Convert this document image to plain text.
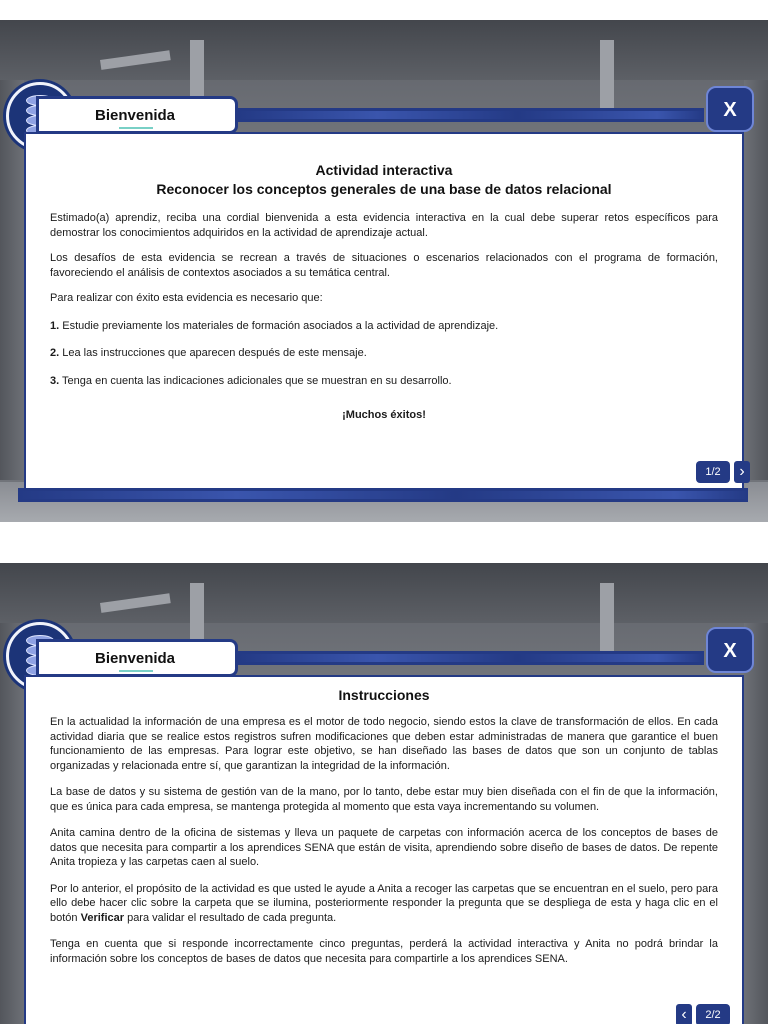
Bienvenida	X
Actividad interactiva
Reconocer los conceptos generales de una base de datos relacional

Estimado(a) aprendiz, reciba una cordial bienvenida a esta evidencia interactiva en la cual debe superar retos específicos para demostrar los conocimientos adquiridos en la actividad de aprendizaje actual.

Los desafíos de esta evidencia se recrean a través de situaciones o escenarios relacionados con el programa de formación, favoreciendo el análisis de contextos asociados a su temática central.

Para realizar con éxito esta evidencia es necesario que:

1. Estudie previamente los materiales de formación asociados a la actividad de aprendizaje.

2. Lea las instrucciones que aparecen después de este mensaje.

3. Tenga en cuenta las indicaciones adicionales que se muestran en su desarrollo.

¡Muchos éxitos!

1/2	›
Bienvenida	X
Instrucciones

En la actualidad la información de una empresa es el motor de todo negocio, siendo estos la clave de transformación de ellos. En cada actividad diaria que se realice estos registros sufren modificaciones que deben estar administradas de manera que garantice el buen funcionamiento de las empresas. Para lograr este objetivo, se han diseñado las bases de datos que son un conjunto de tablas organizadas y relacionada entre sí, que garantizan la integridad de la información.

La base de datos y su sistema de gestión van de la mano, por lo tanto, debe estar muy bien diseñada con el fin de que la información, que es única para cada empresa, se mantenga protegida al momento que esta vaya incrementando su volumen.

Anita camina dentro de la oficina de sistemas y lleva un paquete de carpetas con información acerca de los conceptos de bases de datos que necesita para compartir a los aprendices SENA que están de visita, aprendiendo sobre diseño de bases de datos. De repente Anita tropieza y las carpetas caen al suelo.

Por lo anterior, el propósito de la actividad es que usted le ayude a Anita a recoger las carpetas que se encuentran en el suelo, pero para ello debe hacer clic sobre la carpeta que se ilumina, posteriormente responder la pregunta que se despliega de esta y haga clic en el botón Verificar para validar el resultado de cada pregunta.

Tenga en cuenta que si responde incorrectamente cinco preguntas, perderá la actividad interactiva y Anita no podrá brindar la información sobre los conceptos de bases de datos que necesita para compartirle a los aprendices SENA.

‹	2/2
